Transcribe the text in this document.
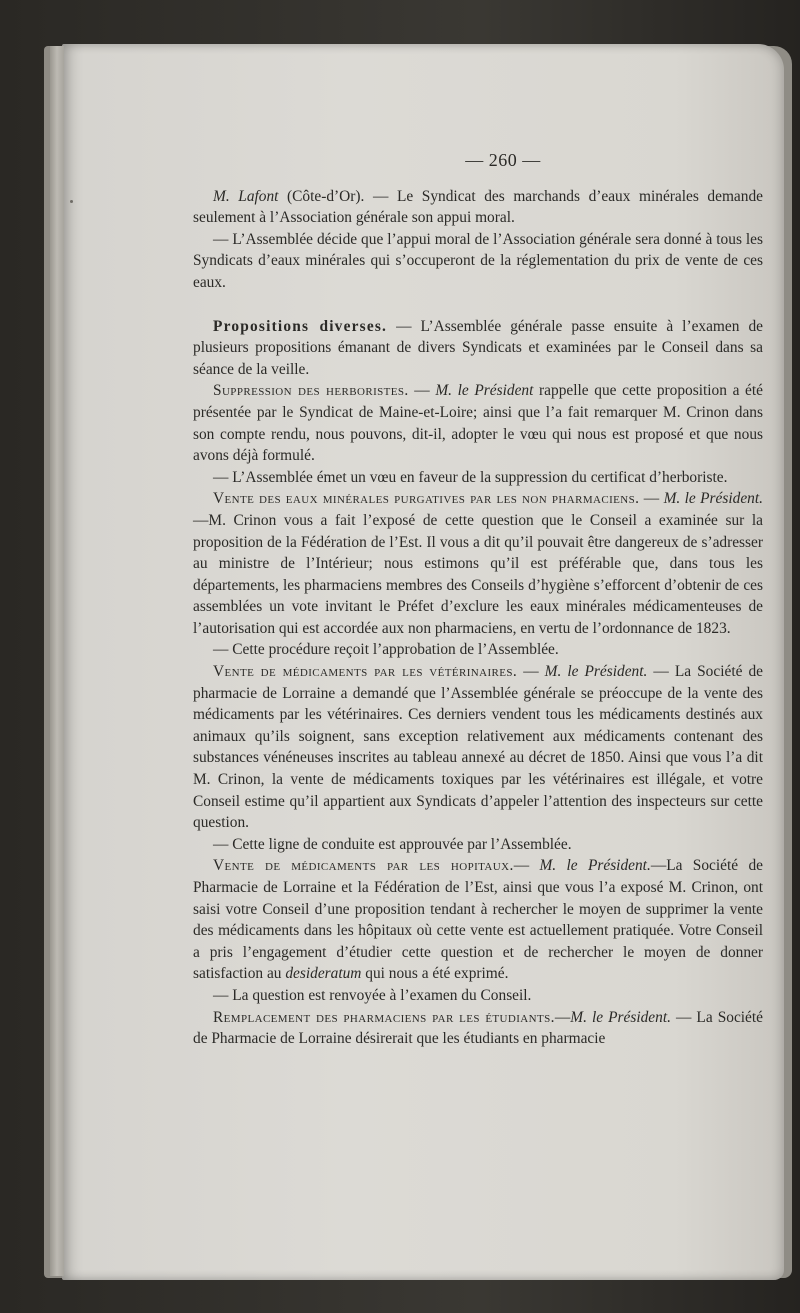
— 260 —

M. Lafont (Côte-d’Or). — Le Syndicat des marchands d’eaux minérales demande seulement à l’Association générale son appui moral.

— L’Assemblée décide que l’appui moral de l’Association générale sera donné à tous les Syndicats d’eaux minérales qui s’occuperont de la réglementation du prix de vente de ces eaux.

Propositions diverses. — L’Assemblée générale passe ensuite à l’examen de plusieurs propositions émanant de divers Syndicats et examinées par le Conseil dans sa séance de la veille.

Suppression des herboristes. — M. le Président rappelle que cette proposition a été présentée par le Syndicat de Maine-et-Loire; ainsi que l’a fait remarquer M. Crinon dans son compte rendu, nous pouvons, dit-il, adopter le vœu qui nous est proposé et que nous avons déjà formulé.

— L’Assemblée émet un vœu en faveur de la suppression du certificat d’herboriste.

Vente des eaux minérales purgatives par les non pharmaciens. — M. le Président.—M. Crinon vous a fait l’exposé de cette question que le Conseil a examinée sur la proposition de la Fédération de l’Est. Il vous a dit qu’il pouvait être dangereux de s’adresser au ministre de l’Intérieur; nous estimons qu’il est préférable que, dans tous les départements, les pharmaciens membres des Conseils d’hygiène s’efforcent d’obtenir de ces assemblées un vote invitant le Préfet d’exclure les eaux minérales médicamenteuses de l’autorisation qui est accordée aux non pharmaciens, en vertu de l’ordonnance de 1823.

— Cette procédure reçoit l’approbation de l’Assemblée.

Vente de médicaments par les vétérinaires. — M. le Président. — La Société de pharmacie de Lorraine a demandé que l’Assemblée générale se préoccupe de la vente des médicaments par les vétérinaires. Ces derniers vendent tous les médicaments destinés aux animaux qu’ils soignent, sans exception relativement aux médicaments contenant des substances vénéneuses inscrites au tableau annexé au décret de 1850. Ainsi que vous l’a dit M. Crinon, la vente de médicaments toxiques par les vétérinaires est illégale, et votre Conseil estime qu’il appartient aux Syndicats d’appeler l’attention des inspecteurs sur cette question.

— Cette ligne de conduite est approuvée par l’Assemblée.

Vente de médicaments par les hopitaux.— M. le Président.—La Société de Pharmacie de Lorraine et la Fédération de l’Est, ainsi que vous l’a exposé M. Crinon, ont saisi votre Conseil d’une proposition tendant à rechercher le moyen de supprimer la vente des médicaments dans les hôpitaux où cette vente est actuellement pratiquée. Votre Conseil a pris l’engagement d’étudier cette question et de rechercher le moyen de donner satisfaction au desideratum qui nous a été exprimé.

— La question est renvoyée à l’examen du Conseil.

Remplacement des pharmaciens par les étudiants.—M. le Président. — La Société de Pharmacie de Lorraine désirerait que les étudiants en pharmacie
